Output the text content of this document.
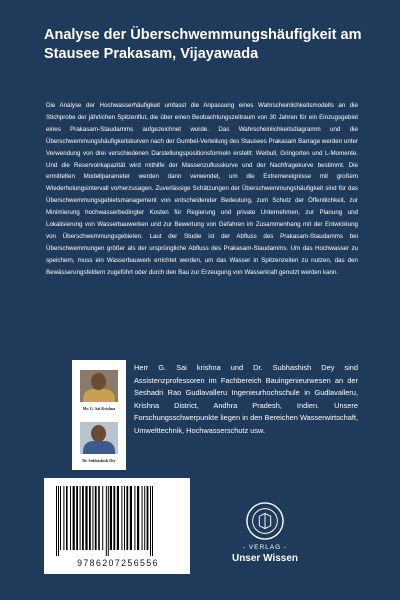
Analyse der Überschwemmungshäufigkeit am Stausee Prakasam, Vijayawada
Die Analyse der Hochwasserhäufigkeit umfasst die Anpassung eines Wahrscheinlichkeitsmodells an die Stichprobe der jährlichen Spitzenflut, die über einen Beobachtungszeitraum von 30 Jahren für ein Einzugsgebiet eines Prakasam-Staudamms aufgezeichnet wurde. Das Wahrscheinlichkeitsdiagramm und die Überschwemmungshäufigkeitskurven nach der Gumbel-Verteilung des Stausees Prakasam Barrage werden unter Verwendung von drei verschiedenen Darstellungspositionsformeln erstellt: Weibull, Gringorten und L-Momente. Und die Reservoirkapazität wird mithilfe der Massenzuflusskurve und der Nachfragekurve bestimmt. Die ermittelten Modellparameter werden dann verwendet, um die Extremereignisse mit großem Wiederholungsintervall vorherzusagen. Zuverlässige Schätzungen der Überschwemmungshäufigkeit sind für das Überschwemmungsgebietsmanagement von entscheidender Bedeutung, zum Schutz der Öffentlichkeit, zur Minimierung hochwasserbedingter Kosten für Regierung und private Unternehmen, zur Planung und Lokalisierung von Wasserbauwerken und zur Bewertung von Gefahren im Zusammenhang mit der Entwicklung von Überschwemmungsgebieten. Laut der Studie ist der Abfluss des Prakasam-Staudamms bei Überschwemmungen größer als der ursprüngliche Abfluss des Prakasam-Staudamms. Um das Hochwasser zu speichern, muss ein Wasserbauwerk errichtet werden, um das Wasser in Spitzenzeiten zu nutzen, das den Bewässerungsfeldern zugeführt oder durch den Bau zur Erzeugung von Wasserkraft genutzt werden kann.
Mr. G. Sai Krishna
Dr. Subhashish Dey
Herr G. Sai krishna und Dr. Subhashish Dey sind Assistenzprofessoren im Fachbereich Bauingenieurwesen an der Seshadri Rao Gudlavalleru Ingenieurhochschule in Gudlavalleru, Krishna District, Andhra Pradesh, Indien. Unsere Forschungsschwerpunkte liegen in den Bereichen Wasserwirtschaft, Umwelttechnik, Hochwasserschutz usw.
9786207256556
- VERLAG -
Unser Wissen
